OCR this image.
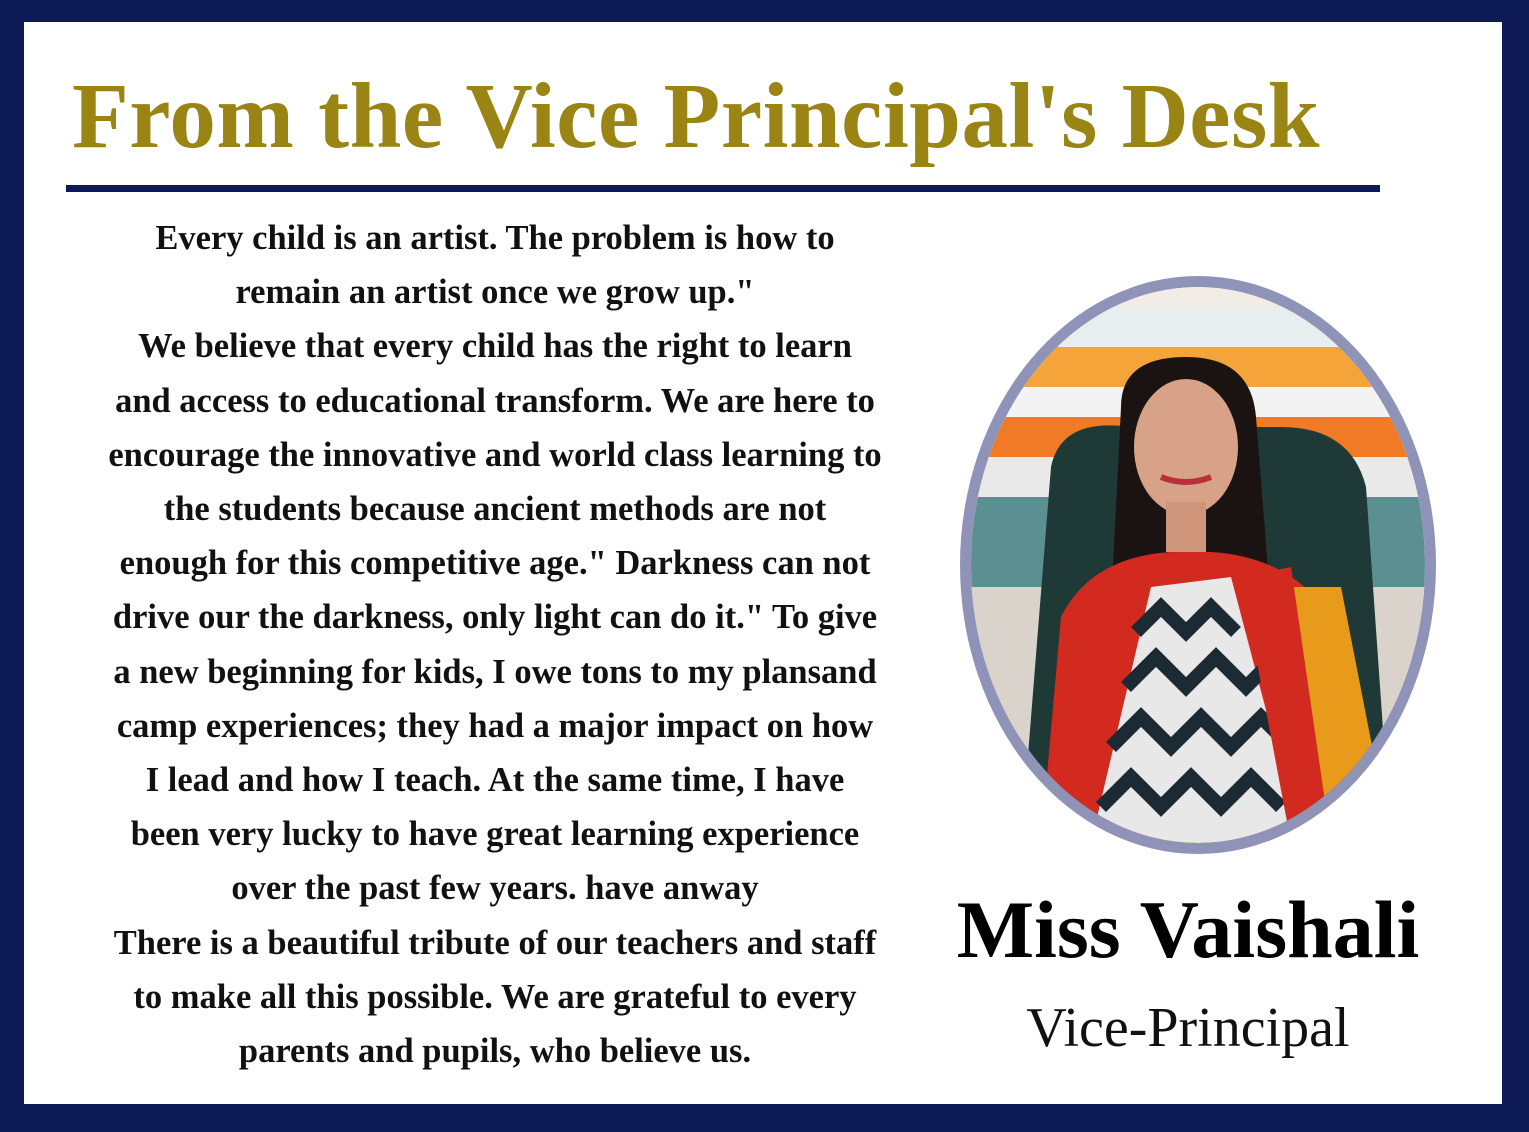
From the Vice Principal's Desk
Every child is an artist. The problem is how to
remain an artist once we grow up."
We believe that every child has the right to learn
and access to educational transform. We are here to
encourage the innovative and world class learning to
the students because ancient methods are not
enough for this competitive age." Darkness can not
drive our the darkness, only light can do it." To give
a new beginning for kids, I owe tons to my plansand
camp experiences; they had a major impact on how
I lead and how I teach. At the same time, I have
been very lucky to have great learning experience
over the past few years. have anway
There is a beautiful tribute of our teachers and staff
to make all this possible. We are grateful to every
parents and pupils, who believe us.
Miss Vaishali
Vice-Principal
